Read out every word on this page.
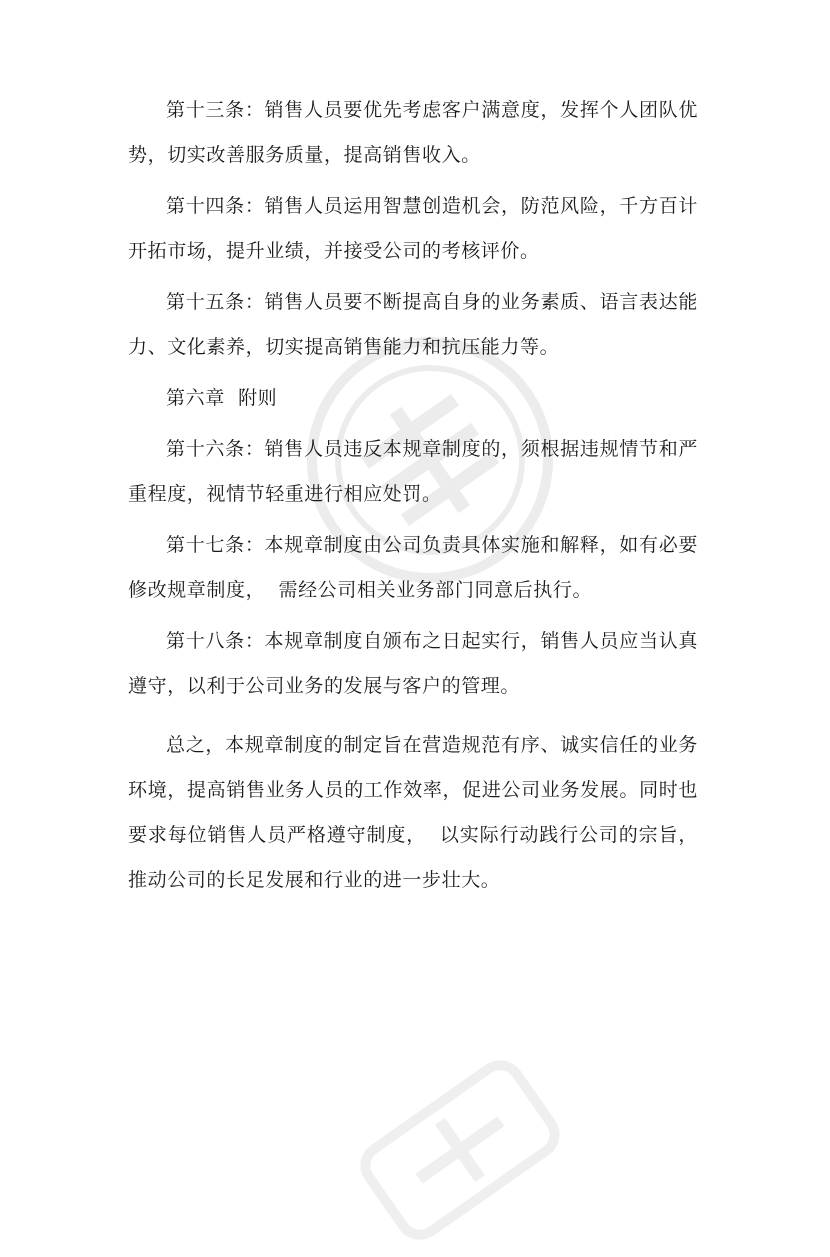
第十三条：销售人员要优先考虑客户满意度，发挥个人团队优势，切实改善服务质量，提高销售收入。

第十四条：销售人员运用智慧创造机会，防范风险，千方百计开拓市场，提升业绩，并接受公司的考核评价。

第十五条：销售人员要不断提高自身的业务素质、语言表达能力、文化素养，切实提高销售能力和抗压能力等。

第六章  附则

第十六条：销售人员违反本规章制度的，须根据违规情节和严重程度，视情节轻重进行相应处罚。

第十七条：本规章制度由公司负责具体实施和解释，如有必要修改规章制度，  需经公司相关业务部门同意后执行。

第十八条：本规章制度自颁布之日起实行，销售人员应当认真遵守，以利于公司业务的发展与客户的管理。

总之，本规章制度的制定旨在营造规范有序、诚实信任的业务环境，提高销售业务人员的工作效率，促进公司业务发展。同时也要求每位销售人员严格遵守制度，  以实际行动践行公司的宗旨，推动公司的长足发展和行业的进一步壮大。
